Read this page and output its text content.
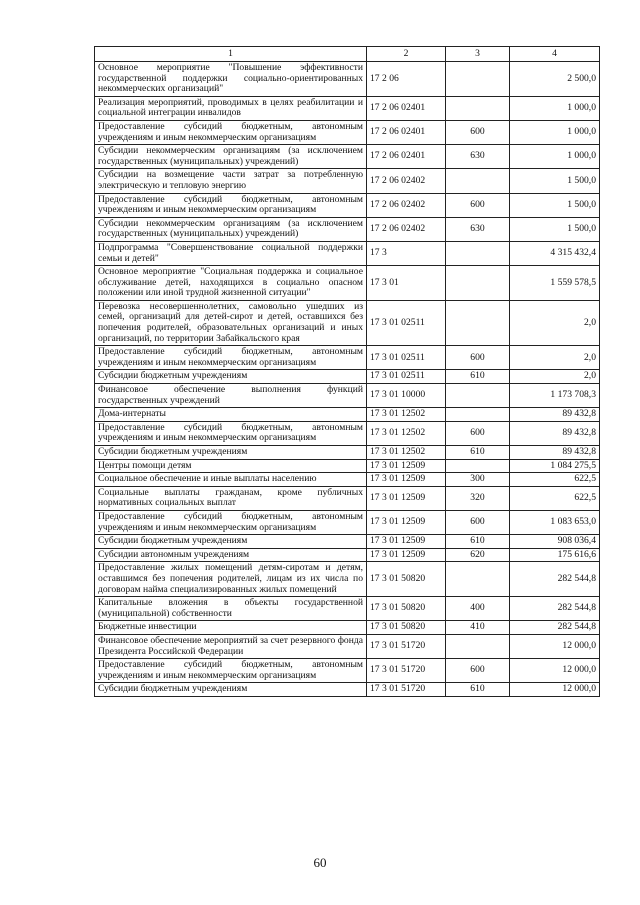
1	2	3	4
Основное мероприятие "Повышение эффективности государственной поддержки социально-ориентированных некоммерческих организаций"	17 2 06		2 500,0
Реализация мероприятий, проводимых в целях реабилитации и социальной интеграции инвалидов	17 2 06 02401		1 000,0
Предоставление субсидий бюджетным, автономным учреждениям и иным некоммерческим организациям	17 2 06 02401	600	1 000,0
Субсидии некоммерческим организациям (за исключением государственных (муниципальных) учреждений)	17 2 06 02401	630	1 000,0
Субсидии на возмещение части затрат за потребленную электрическую и тепловую энергию	17 2 06 02402		1 500,0
Предоставление субсидий бюджетным, автономным учреждениям и иным некоммерческим организациям	17 2 06 02402	600	1 500,0
Субсидии некоммерческим организациям (за исключением государственных (муниципальных) учреждений)	17 2 06 02402	630	1 500,0
Подпрограмма "Совершенствование социальной поддержки семьи и детей"	17 3		4 315 432,4
Основное мероприятие "Социальная поддержка и социальное обслуживание детей, находящихся в социально опасном положении или иной трудной жизненной ситуации"	17 3 01		1 559 578,5
Перевозка несовершеннолетних, самовольно ушедших из семей, организаций для детей-сирот и детей, оставшихся без попечения родителей, образовательных организаций и иных организаций, по территории Забайкальского края	17 3 01 02511		2,0
Предоставление субсидий бюджетным, автономным учреждениям и иным некоммерческим организациям	17 3 01 02511	600	2,0
Субсидии бюджетным учреждениям	17 3 01 02511	610	2,0
Финансовое обеспечение выполнения функций государственных учреждений	17 3 01 10000		1 173 708,3
Дома-интернаты	17 3 01 12502		89 432,8
Предоставление субсидий бюджетным, автономным учреждениям и иным некоммерческим организациям	17 3 01 12502	600	89 432,8
Субсидии бюджетным учреждениям	17 3 01 12502	610	89 432,8
Центры помощи детям	17 3 01 12509		1 084 275,5
Социальное обеспечение и иные выплаты населению	17 3 01 12509	300	622,5
Социальные выплаты гражданам, кроме публичных нормативных социальных выплат	17 3 01 12509	320	622,5
Предоставление субсидий бюджетным, автономным учреждениям и иным некоммерческим организациям	17 3 01 12509	600	1 083 653,0
Субсидии бюджетным учреждениям	17 3 01 12509	610	908 036,4
Субсидии автономным учреждениям	17 3 01 12509	620	175 616,6
Предоставление жилых помещений детям-сиротам и детям, оставшимся без попечения родителей, лицам из их числа по договорам найма специализированных жилых помещений	17 3 01 50820		282 544,8
Капитальные вложения в объекты государственной (муниципальной) собственности	17 3 01 50820	400	282 544,8
Бюджетные инвестиции	17 3 01 50820	410	282 544,8
Финансовое обеспечение мероприятий за счет резервного фонда Президента Российской Федерации	17 3 01 51720		12 000,0
Предоставление субсидий бюджетным, автономным учреждениям и иным некоммерческим организациям	17 3 01 51720	600	12 000,0
Субсидии бюджетным учреждениям	17 3 01 51720	610	12 000,0
60
